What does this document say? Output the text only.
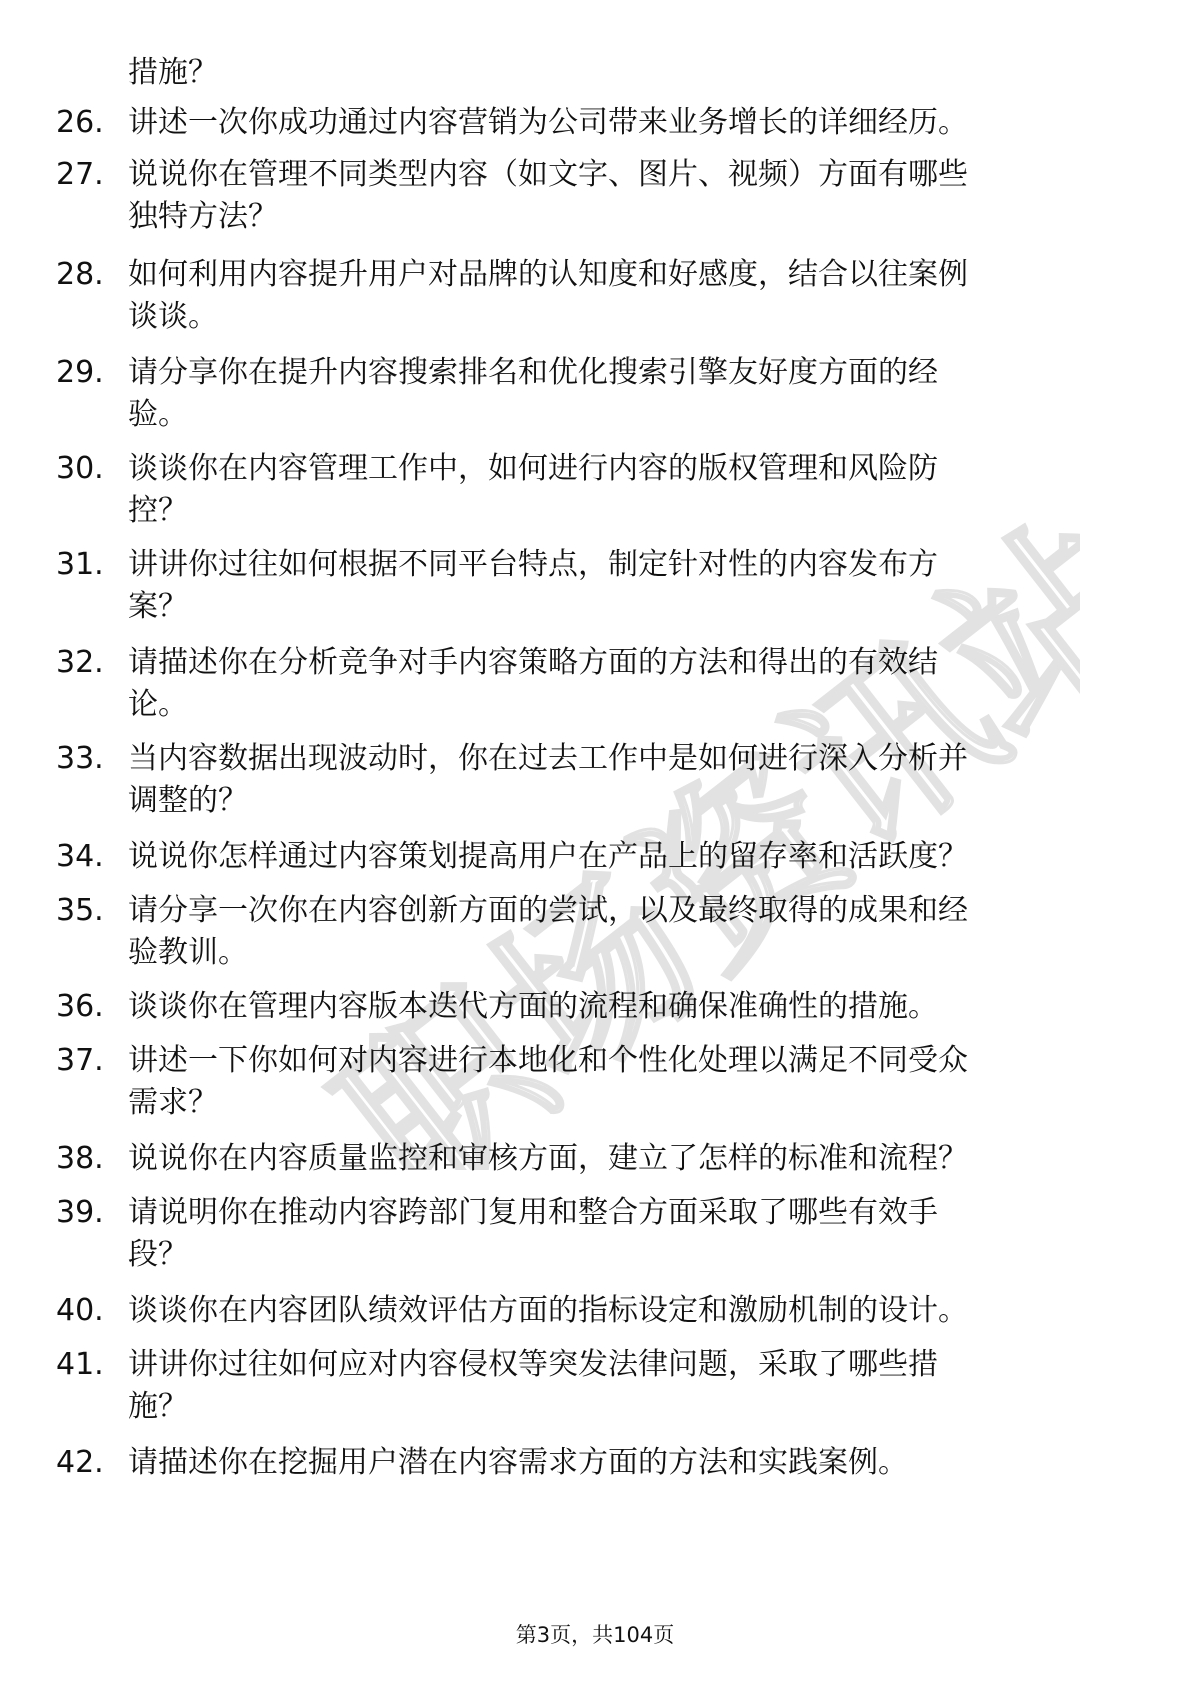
职场资讯站
措施？
26. 讲述一次你成功通过内容营销为公司带来业务增长的详细经历。
27. 说说你在管理不同类型内容（如文字、图片、视频）方面有哪些
独特方法？
28. 如何利用内容提升用户对品牌的认知度和好感度，结合以往案例
谈谈。
29. 请分享你在提升内容搜索排名和优化搜索引擎友好度方面的经
验。
30. 谈谈你在内容管理工作中，如何进行内容的版权管理和风险防
控？
31. 讲讲你过往如何根据不同平台特点，制定针对性的内容发布方
案？
32. 请描述你在分析竞争对手内容策略方面的方法和得出的有效结
论。
33. 当内容数据出现波动时，你在过去工作中是如何进行深入分析并
调整的？
34. 说说你怎样通过内容策划提高用户在产品上的留存率和活跃度？
35. 请分享一次你在内容创新方面的尝试，以及最终取得的成果和经
验教训。
36. 谈谈你在管理内容版本迭代方面的流程和确保准确性的措施。
37. 讲述一下你如何对内容进行本地化和个性化处理以满足不同受众
需求？
38. 说说你在内容质量监控和审核方面，建立了怎样的标准和流程？
39. 请说明你在推动内容跨部门复用和整合方面采取了哪些有效手
段？
40. 谈谈你在内容团队绩效评估方面的指标设定和激励机制的设计。
41. 讲讲你过往如何应对内容侵权等突发法律问题，采取了哪些措
施？
42. 请描述你在挖掘用户潜在内容需求方面的方法和实践案例。
第3页，共104页
